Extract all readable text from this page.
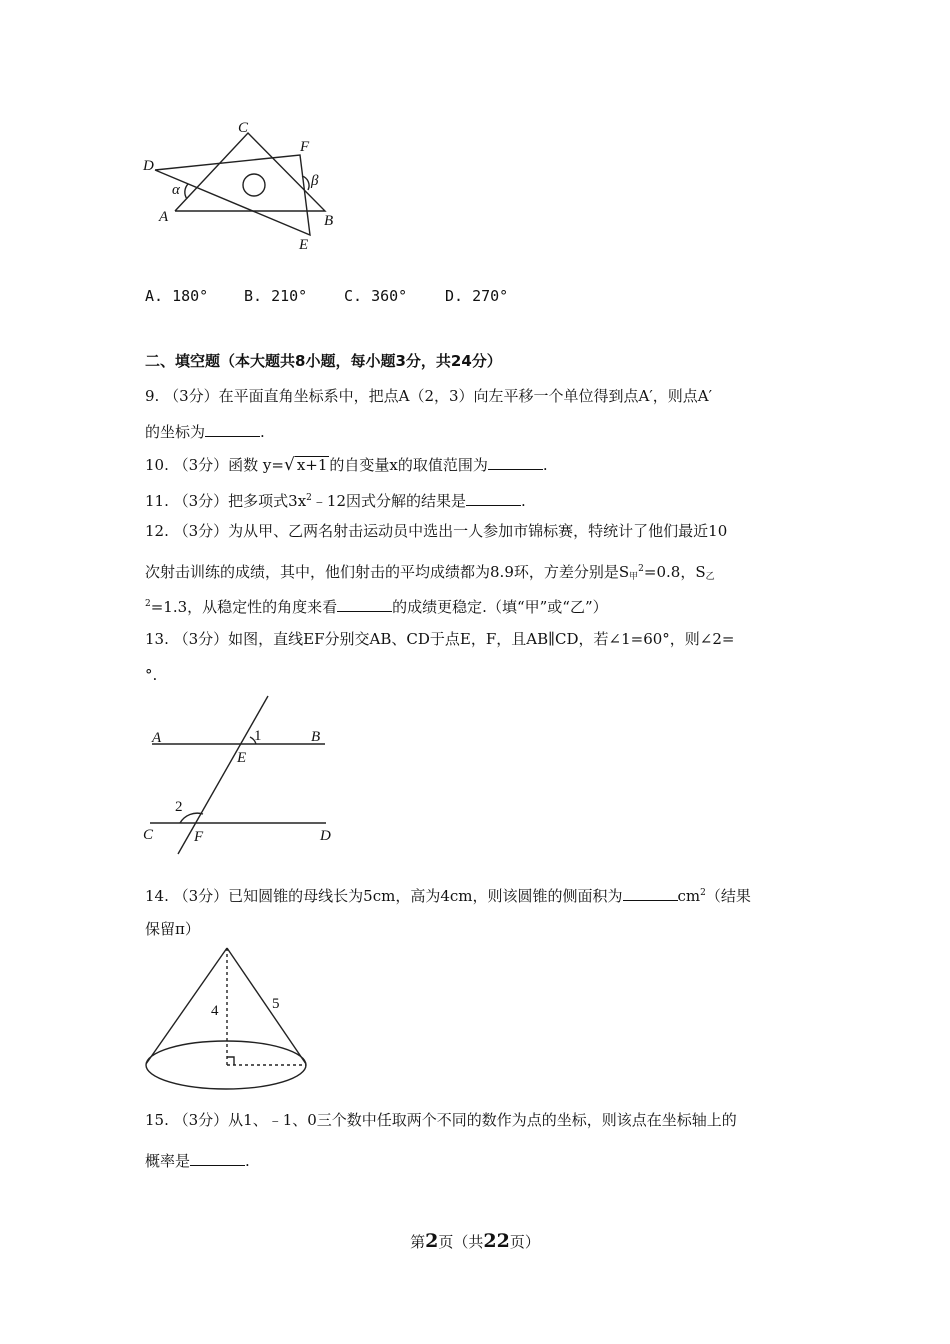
C
D
F
α
β
A	B
E
A. 180° B. 210° C. 360°	D. 270°
二、填空题（本大题共8小题，每小题3分，共24分）
9. （3分）在平面直角坐标系中，把点A（2，3）向左平移一个单位得到点A′，则点A′
的坐标为	.
10. （3分）函数 y=√ x+1 的自变量x的取值范围为	.
11. （3分）把多项式$3x^2﹣12$因式分解的结果是	.
12. （3分）为从甲、乙两名射击运动员中选出一人参加市锦标赛，特统计了他们最近10
次射击训练的成绩，其中，他们射击的平均成绩都为8.9环，方差分别是$S_甲^2=0.8$，$S_乙$
$^2$=1.3，从稳定性的角度来看	的成绩更稳定.（填“甲”或“乙”）
13. （3分）如图，直线EF分别交AB、CD于点E，F，且AB∥CD，若∠1=60°，则∠2=
°.
A	B
1
E
2
C	F	D
14. （3分）已知圆锥的母线长为5cm，高为4cm，则该圆锥的侧面积为	$cm^2$（结果
保留π）
4	5
15. （3分）从1、﹣1、0三个数中任取两个不同的数作为点的坐标，则该点在坐标轴上的
概率是	.
第2页（共22页）
